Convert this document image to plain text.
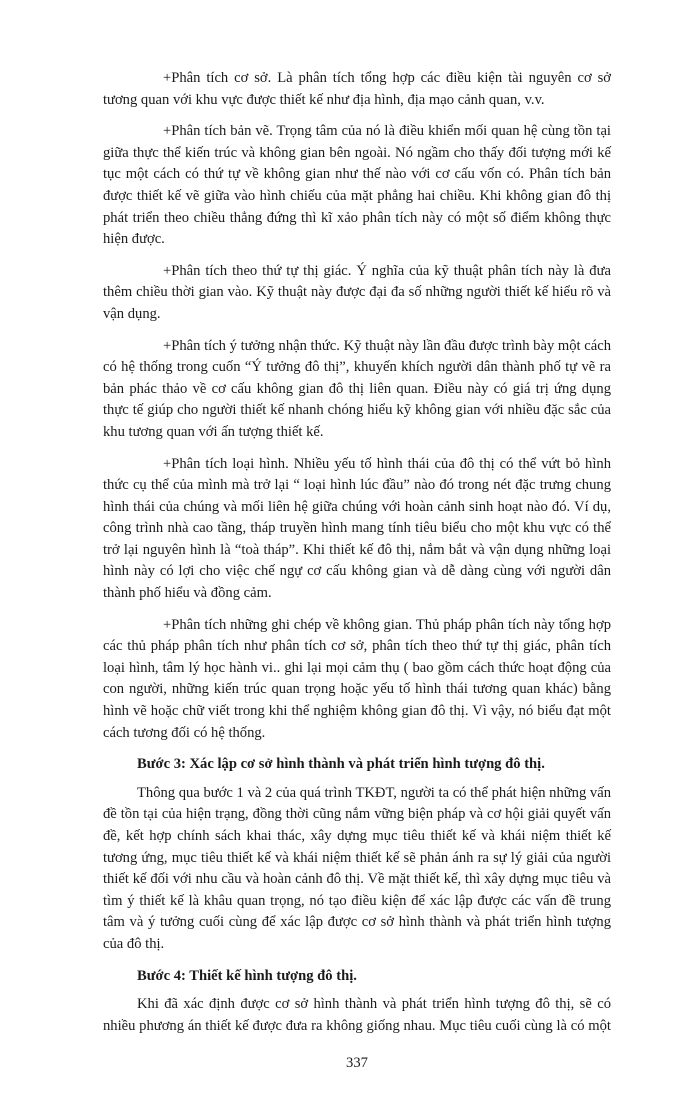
+Phân tích cơ sở. Là phân tích tổng hợp các điều kiện tài nguyên cơ sở tương quan với khu vực được thiết kế như địa hình, địa mạo cảnh quan, v.v.

+Phân tích bản vẽ. Trọng tâm của nó là điều khiển mối quan hệ cùng tồn tại giữa thực thể kiến trúc và không gian bên ngoài. Nó ngầm cho thấy đối tượng mới kế tục một cách có thứ tự về không gian như thế nào với cơ cấu vốn có. Phân tích bản được thiết kế vẽ giữa vào hình chiếu của mặt phẳng hai chiều. Khi không gian đô thị phát triển theo chiều thẳng đứng thì kĩ xảo phân tích này có một số điểm không thực hiện được.

+Phân tích theo thứ tự thị giác. Ý nghĩa của kỹ thuật phân tích này là đưa thêm chiều thời gian vào. Kỹ thuật này được đại đa số những người thiết kế hiểu rõ và vận dụng.

+Phân tích ý tưởng nhận thức. Kỹ thuật này lần đầu được trình bày một cách có hệ thống trong cuốn “Ý tưởng đô thị”, khuyến khích người dân thành phố tự vẽ ra bản phác thảo về cơ cấu không gian đô thị liên quan. Điều này có giá trị ứng dụng thực tế giúp cho người thiết kế nhanh chóng hiểu kỹ không gian với nhiều đặc sắc của khu tương quan với ấn tượng thiết kế.

+Phân tích loại hình. Nhiều yếu tố hình thái của đô thị có thể vứt bỏ hình thức cụ thể của mình mà trở lại “ loại hình lúc đầu” nào đó trong nét đặc trưng chung hình thái của chúng và mối liên hệ giữa chúng với hoàn cảnh sinh hoạt nào đó. Ví dụ, công trình nhà cao tầng, tháp truyền hình mang tính tiêu biểu cho một khu vực có thể trở lại nguyên hình là “toà tháp”. Khi thiết kế đô thị, nắm bắt và vận dụng những loại hình này có lợi cho việc chế ngự cơ cấu không gian và dễ dàng cùng với người dân thành phố hiểu và đồng cảm.

+Phân tích những ghi chép về không gian. Thủ pháp phân tích này tổng hợp các thủ pháp phân tích như phân tích cơ sở, phân tích theo thứ tự thị giác, phân tích loại hình, tâm lý học hành vi.. ghi lại mọi cảm thụ ( bao gồm cách thức hoạt động của con người, những kiến trúc quan trọng hoặc yếu tố hình thái tương quan khác) bằng hình vẽ hoặc chữ viết trong khi thể nghiệm không gian đô thị. Vì vậy, nó biểu đạt một cách tương đối có hệ thống.

Bước 3: Xác lập cơ sở hình thành và phát triển hình tượng đô thị.

Thông qua bước 1 và 2 của quá trình TKĐT, người ta có thể phát hiện những vấn đề tồn tại của hiện trạng, đồng thời cũng nắm vững biện pháp và cơ hội giải quyết vấn đề, kết hợp chính sách khai thác, xây dựng mục tiêu thiết kế và khái niệm thiết kế tương ứng, mục tiêu thiết kế và khái niệm thiết kế sẽ phản ánh ra sự lý giải của người thiết kế đối với nhu cầu và hoàn cảnh đô thị. Về mặt thiết kế, thì xây dựng mục tiêu và tìm ý thiết kế là khâu quan trọng, nó tạo điều kiện để xác lập được các vấn đề trung tâm và ý tưởng cuối cùng để xác lập được cơ sở hình thành và phát triển hình tượng của đô thị.

Bước 4: Thiết kế hình tượng đô thị.

Khi đã xác định được cơ sở hình thành và phát triển hình tượng đô thị, sẽ có nhiều phương án thiết kế được đưa ra không giống nhau. Mục tiêu cuối cùng là có một

337
